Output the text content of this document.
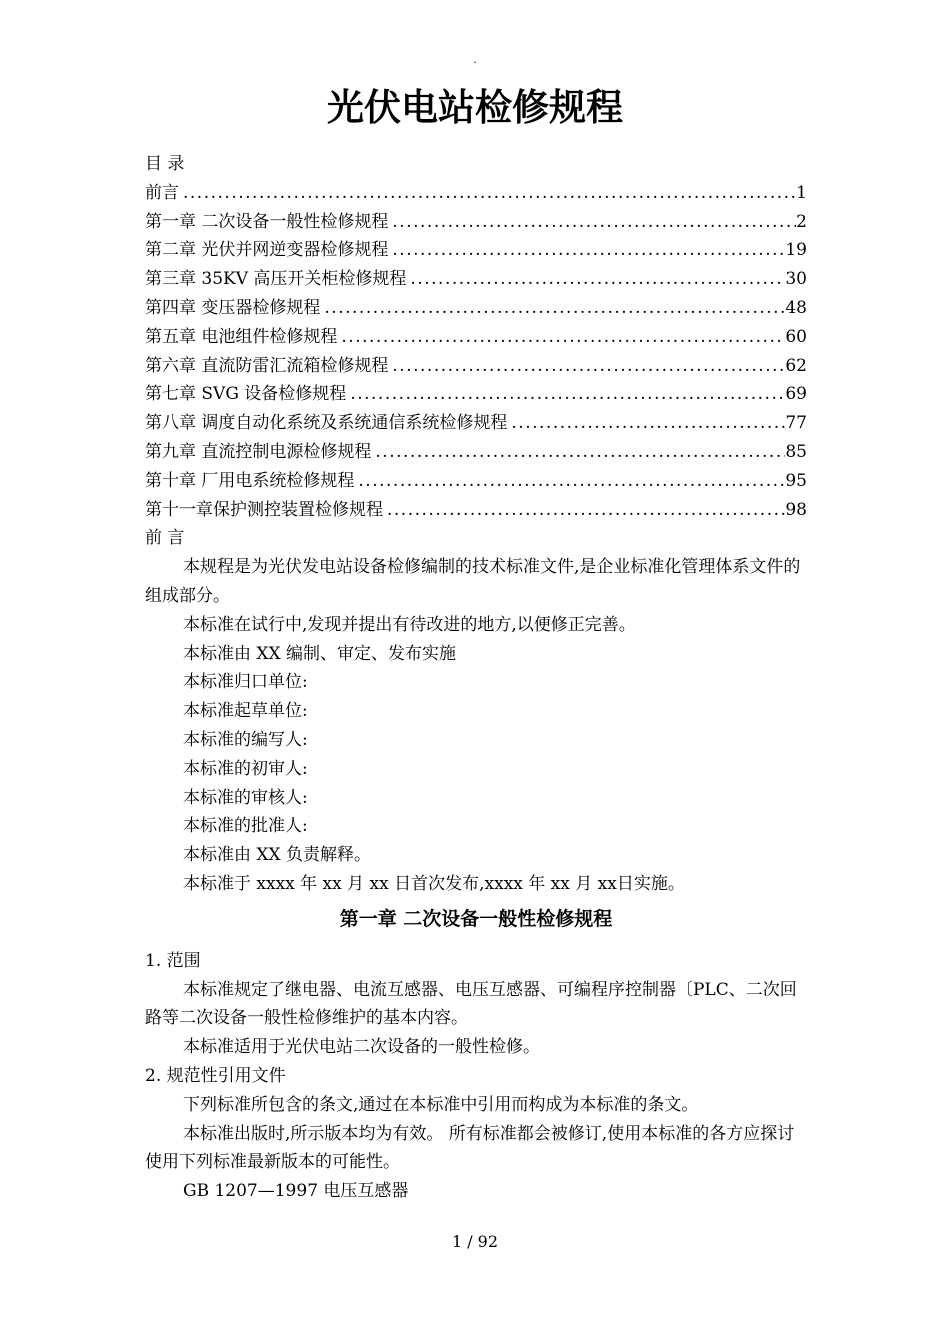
.
光伏电站检修规程
目 录
前言 .....	1
第一章 二次设备一般性检修规程 .....	2
第二章 光伏并网逆变器检修规程 .....	19
第三章 35KV 高压开关柜检修规程 .....	30
第四章 变压器检修规程 .....	48
第五章 电池组件检修规程 .....	60
第六章 直流防雷汇流箱检修规程 .....	62
第七章 SVG 设备检修规程 .....	69
第八章 调度自动化系统及系统通信系统检修规程 .....	77
第九章 直流控制电源检修规程 .....	85
第十章 厂用电系统检修规程 .....	95
第十一章保护测控装置检修规程 .....	98
前 言
本规程是为光伏发电站设备检修编制的技术标准文件,是企业标准化管理体系文件的组成部分。
本标准在试行中,发现并提出有待改进的地方,以便修正完善。
本标准由 XX 编制、审定、发布实施
本标准归口单位:
本标准起草单位:
本标准的编写人:
本标准的初审人:
本标准的审核人:
本标准的批准人:
本标准由 XX 负责解释。
本标准于 xxxx 年 xx 月 xx 日首次发布,xxxx 年 xx 月 xx日实施。
第一章 二次设备一般性检修规程
1. 范围
本标准规定了继电器、电流互感器、电压互感器、可编程序控制器〔PLC、二次回路等二次设备一般性检修维护的基本内容。
本标准适用于光伏电站二次设备的一般性检修。
2. 规范性引用文件
下列标准所包含的条文,通过在本标准中引用而构成为本标准的条文。
本标准出版时,所示版本均为有效。 所有标准都会被修订,使用本标准的各方应探讨使用下列标准最新版本的可能性。
GB 1207—1997 电压互感器
1 / 92
